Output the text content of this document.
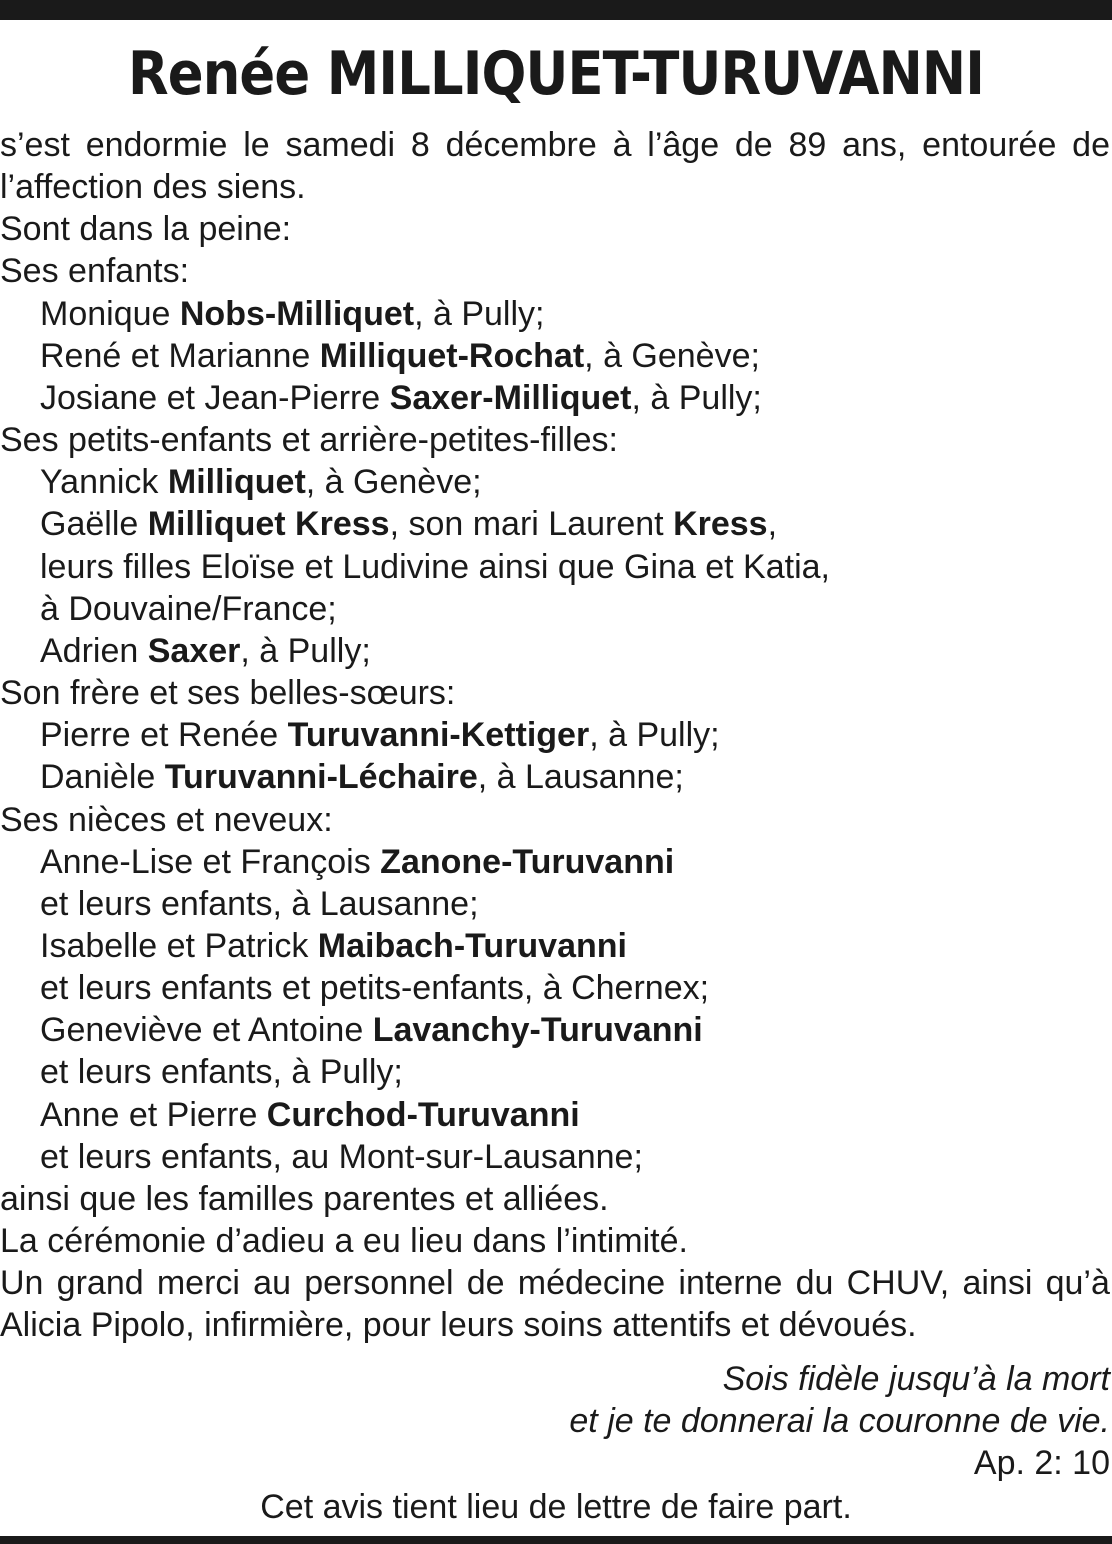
Renée MILLIQUET-TURUVANNI
s’est endormie le samedi 8 décembre à l’âge de 89 ans, entourée de
l’affection des siens.
Sont dans la peine:
Ses enfants:
Monique Nobs-Milliquet, à Pully;
René et Marianne Milliquet-Rochat, à Genève;
Josiane et Jean-Pierre Saxer-Milliquet, à Pully;
Ses petits-enfants et arrière-petites-filles:
Yannick Milliquet, à Genève;
Gaëlle Milliquet Kress, son mari Laurent Kress,
leurs filles Eloïse et Ludivine ainsi que Gina et Katia,
à Douvaine/France;
Adrien Saxer, à Pully;
Son frère et ses belles-sœurs:
Pierre et Renée Turuvanni-Kettiger, à Pully;
Danièle Turuvanni-Léchaire, à Lausanne;
Ses nièces et neveux:
Anne-Lise et François Zanone-Turuvanni
et leurs enfants, à Lausanne;
Isabelle et Patrick Maibach-Turuvanni
et leurs enfants et petits-enfants, à Chernex;
Geneviève et Antoine Lavanchy-Turuvanni
et leurs enfants, à Pully;
Anne et Pierre Curchod-Turuvanni
et leurs enfants, au Mont-sur-Lausanne;
ainsi que les familles parentes et alliées.
La cérémonie d’adieu a eu lieu dans l’intimité.
Un grand merci au personnel de médecine interne du CHUV, ainsi qu’à
Alicia Pipolo, infirmière, pour leurs soins attentifs et dévoués.
Sois fidèle jusqu’à la mort
et je te donnerai la couronne de vie.
Ap. 2: 10
Cet avis tient lieu de lettre de faire part.
